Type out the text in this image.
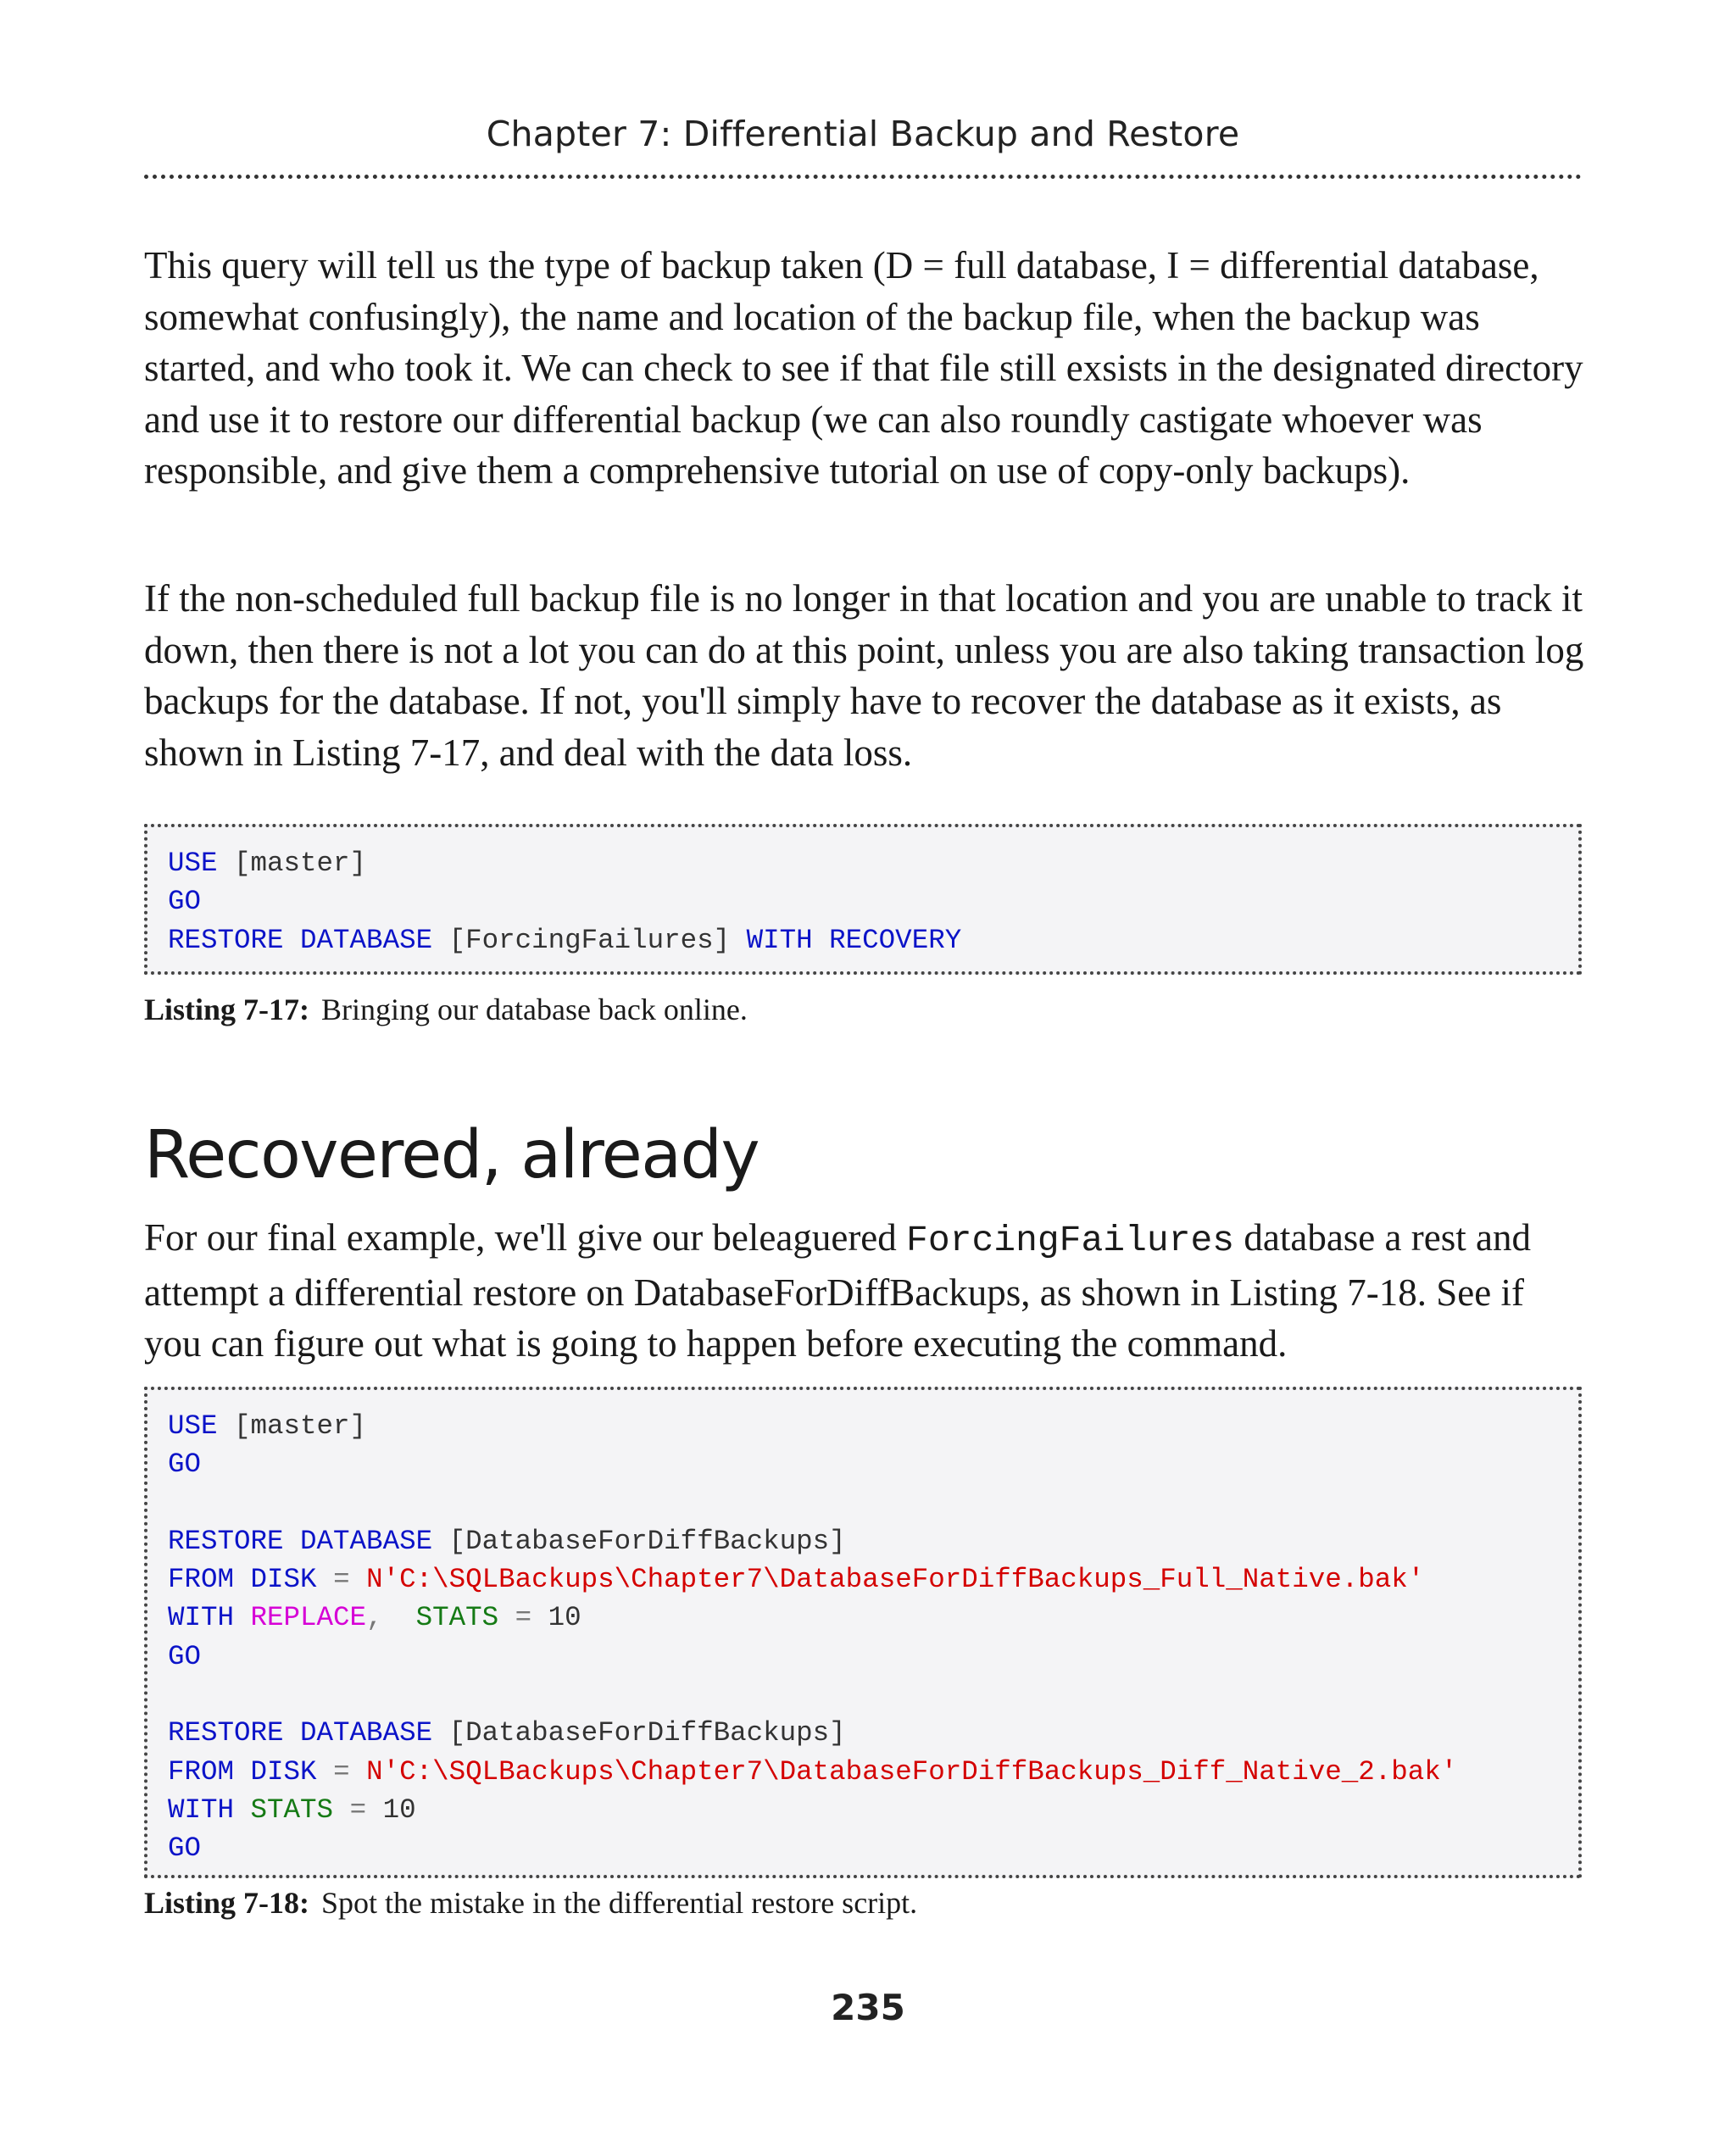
Chapter 7: Differential Backup and Restore

This query will tell us the type of backup taken (D = full database, I = differential database, somewhat confusingly), the name and location of the backup file, when the backup was started, and who took it. We can check to see if that file still exsists in the designated directory and use it to restore our differential backup (we can also roundly castigate whoever was responsible, and give them a comprehensive tutorial on use of copy-only backups).

If the non-scheduled full backup file is no longer in that location and you are unable to track it down, then there is not a lot you can do at this point, unless you are also taking transaction log backups for the database. If not, you'll simply have to recover the database as it exists, as shown in Listing 7-17, and deal with the data loss.

USE [master]
GO
RESTORE DATABASE [ForcingFailures] WITH RECOVERY
Listing 7-17: Bringing our database back online.
Recovered, already

For our final example, we'll give our beleaguered ForcingFailures database a rest and attempt a differential restore on DatabaseForDiffBackups, as shown in Listing 7-18. See if you can figure out what is going to happen before executing the command.

USE [master]
GO

RESTORE DATABASE [DatabaseForDiffBackups]
FROM DISK = N'C:\SQLBackups\Chapter7\DatabaseForDiffBackups_Full_Native.bak'
WITH REPLACE, STATS = 10
GO

RESTORE DATABASE [DatabaseForDiffBackups]
FROM DISK = N'C:\SQLBackups\Chapter7\DatabaseForDiffBackups_Diff_Native_2.bak'
WITH STATS = 10
GO
Listing 7-18: Spot the mistake in the differential restore script.
235
